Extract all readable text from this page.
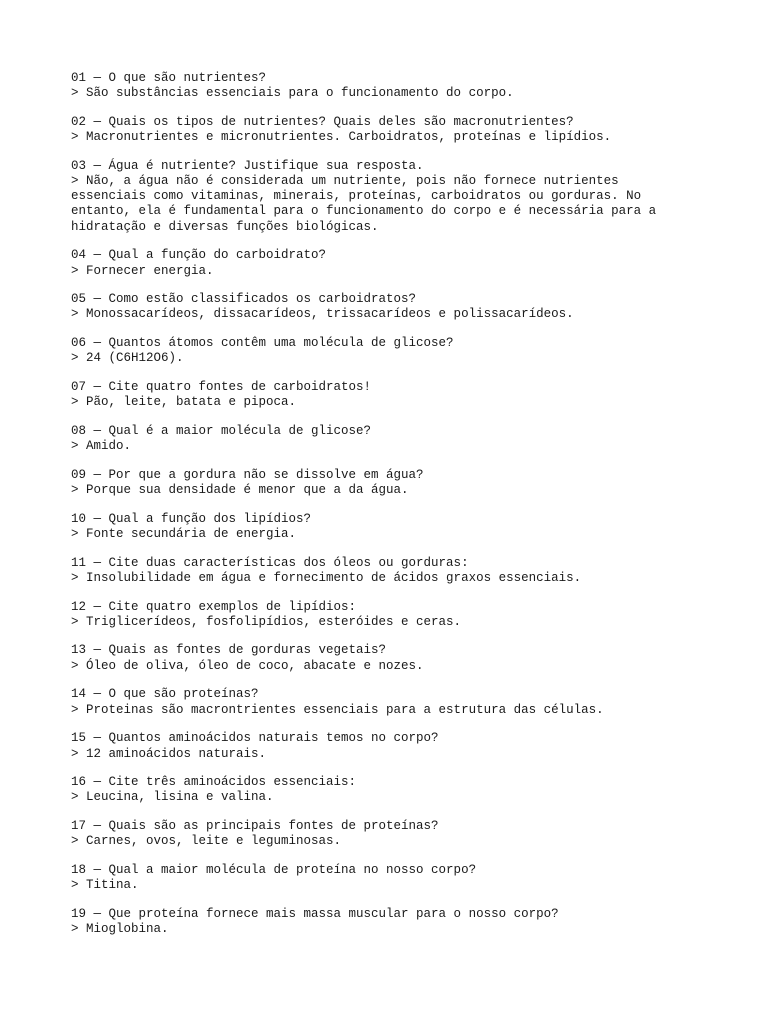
01 — O que são nutrientes?

> São substâncias essenciais para o funcionamento do corpo.

02 — Quais os tipos de nutrientes? Quais deles são macronutrientes?

> Macronutrientes e micronutrientes. Carboidratos, proteínas e lipídios.

03 — Água é nutriente? Justifique sua resposta.

> Não, a água não é considerada um nutriente, pois não fornece nutrientes

essenciais como vitaminas, minerais, proteínas, carboidratos ou gorduras. No

entanto, ela é fundamental para o funcionamento do corpo e é necessária para a

hidratação e diversas funções biológicas.

04 — Qual a função do carboidrato?

> Fornecer energia.

05 — Como estão classificados os carboidratos?

> Monossacarídeos, dissacarídeos, trissacarídeos e polissacarídeos.

06 — Quantos átomos contêm uma molécula de glicose?

> 24 (C6H12O6).

07 — Cite quatro fontes de carboidratos!

> Pão, leite, batata e pipoca.

08 — Qual é a maior molécula de glicose?

> Amido.

09 — Por que a gordura não se dissolve em água?

> Porque sua densidade é menor que a da água.

10 — Qual a função dos lipídios?

> Fonte secundária de energia.

11 — Cite duas características dos óleos ou gorduras:

> Insolubilidade em água e fornecimento de ácidos graxos essenciais.

12 — Cite quatro exemplos de lipídios:

> Triglicerídeos, fosfolipídios, esteróides e ceras.

13 — Quais as fontes de gorduras vegetais?

> Óleo de oliva, óleo de coco, abacate e nozes.

14 — O que são proteínas?

> Proteinas são macrontrientes essenciais para a estrutura das células.

15 — Quantos aminoácidos naturais temos no corpo?

> 12 aminoácidos naturais.

16 — Cite três aminoácidos essenciais:

> Leucina, lisina e valina.

17 — Quais são as principais fontes de proteínas?

> Carnes, ovos, leite e leguminosas.

18 — Qual a maior molécula de proteína no nosso corpo?

> Titina.

19 — Que proteína fornece mais massa muscular para o nosso corpo?

> Mioglobina.
